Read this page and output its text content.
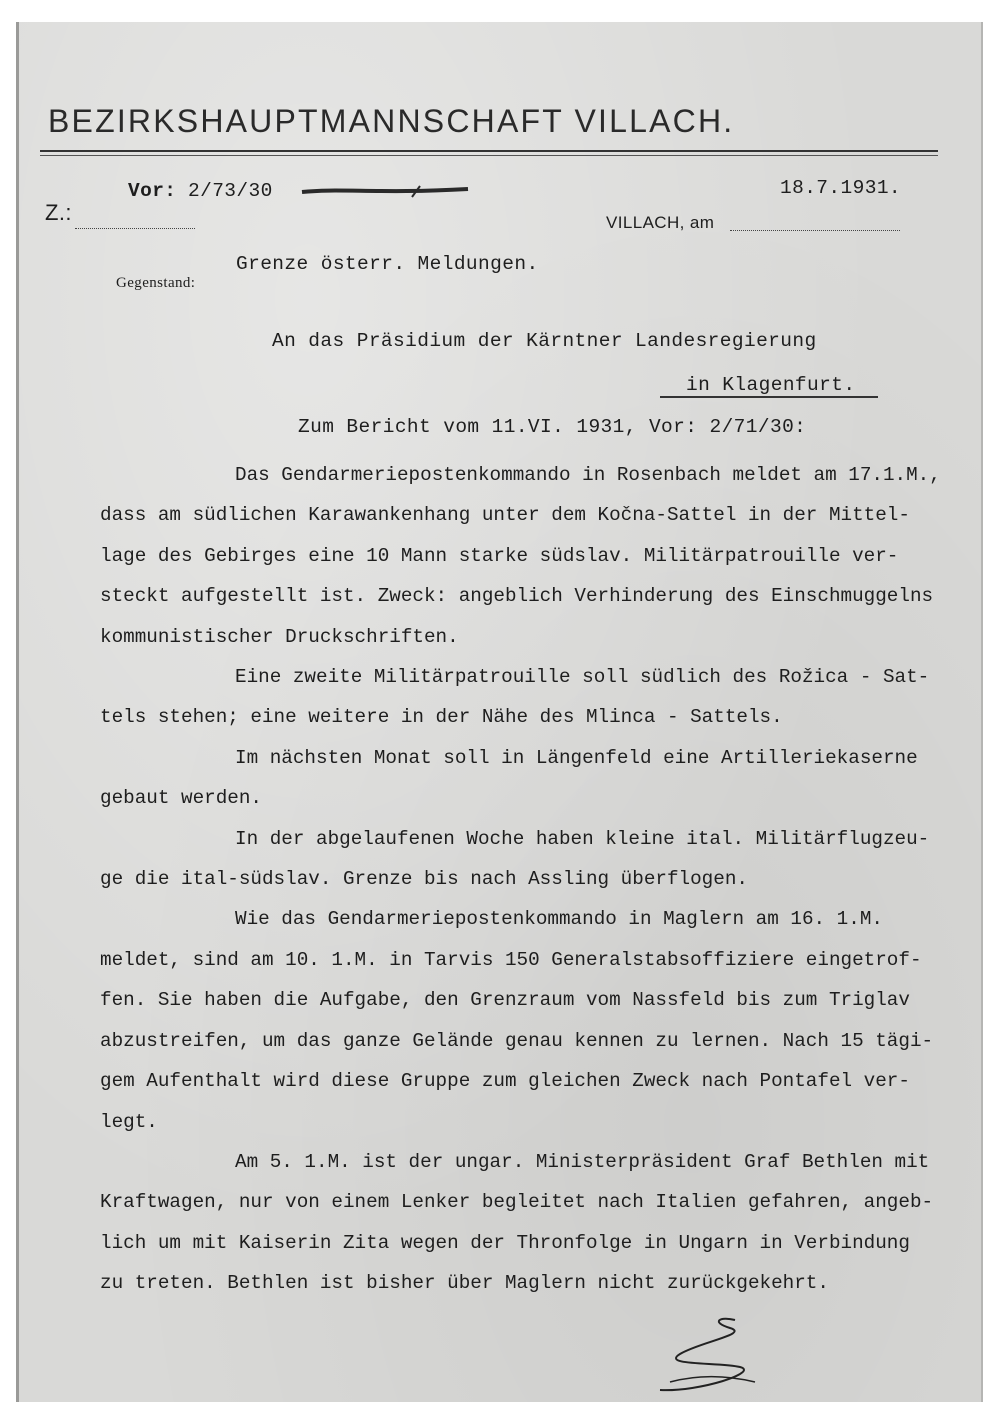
BEZIRKSHAUPTMANNSCHAFT VILLACH.
Z.:
Vor: 2/73/30	18.7.1931.
VILLACH, am
Grenze österr. Meldungen.
Gegenstand:
An das Präsidium der Kärntner Landesregierung
in Klagenfurt.
Zum Bericht vom 11.VI. 1931, Vor: 2/71/30:

Das Gendarmeriepostenkommando in Rosenbach meldet am 17.1.M.,
dass am südlichen Karawankenhang unter dem Kočna-Sattel in der Mittel-
lage des Gebirges eine 10 Mann starke südslav. Militärpatrouille ver-
steckt aufgestellt ist. Zweck: angeblich Verhinderung des Einschmuggelns
kommunistischer Druckschriften.

Eine zweite Militärpatrouille soll südlich des Rožica - Sat-
tels stehen; eine weitere in der Nähe des Mlinca - Sattels.

Im nächsten Monat soll in Längenfeld eine Artilleriekaserne
gebaut werden.

In der abgelaufenen Woche haben kleine ital. Militärflugzeu-
ge die ital-südslav. Grenze bis nach Assling überflogen.

Wie das Gendarmeriepostenkommando in Maglern am 16. 1.M.
meldet, sind am 10. 1.M. in Tarvis 150 Generalstabsoffiziere eingetrof-
fen. Sie haben die Aufgabe, den Grenzraum vom Nassfeld bis zum Triglav
abzustreifen, um das ganze Gelände genau kennen zu lernen. Nach 15 tägi-
gem Aufenthalt wird diese Gruppe zum gleichen Zweck nach Pontafel ver-
legt.

Am 5. 1.M. ist der ungar. Ministerpräsident Graf Bethlen mit
Kraftwagen, nur von einem Lenker begleitet nach Italien gefahren, angeb-
lich um mit Kaiserin Zita wegen der Thronfolge in Ungarn in Verbindung
zu treten. Bethlen ist bisher über Maglern nicht zurückgekehrt.
